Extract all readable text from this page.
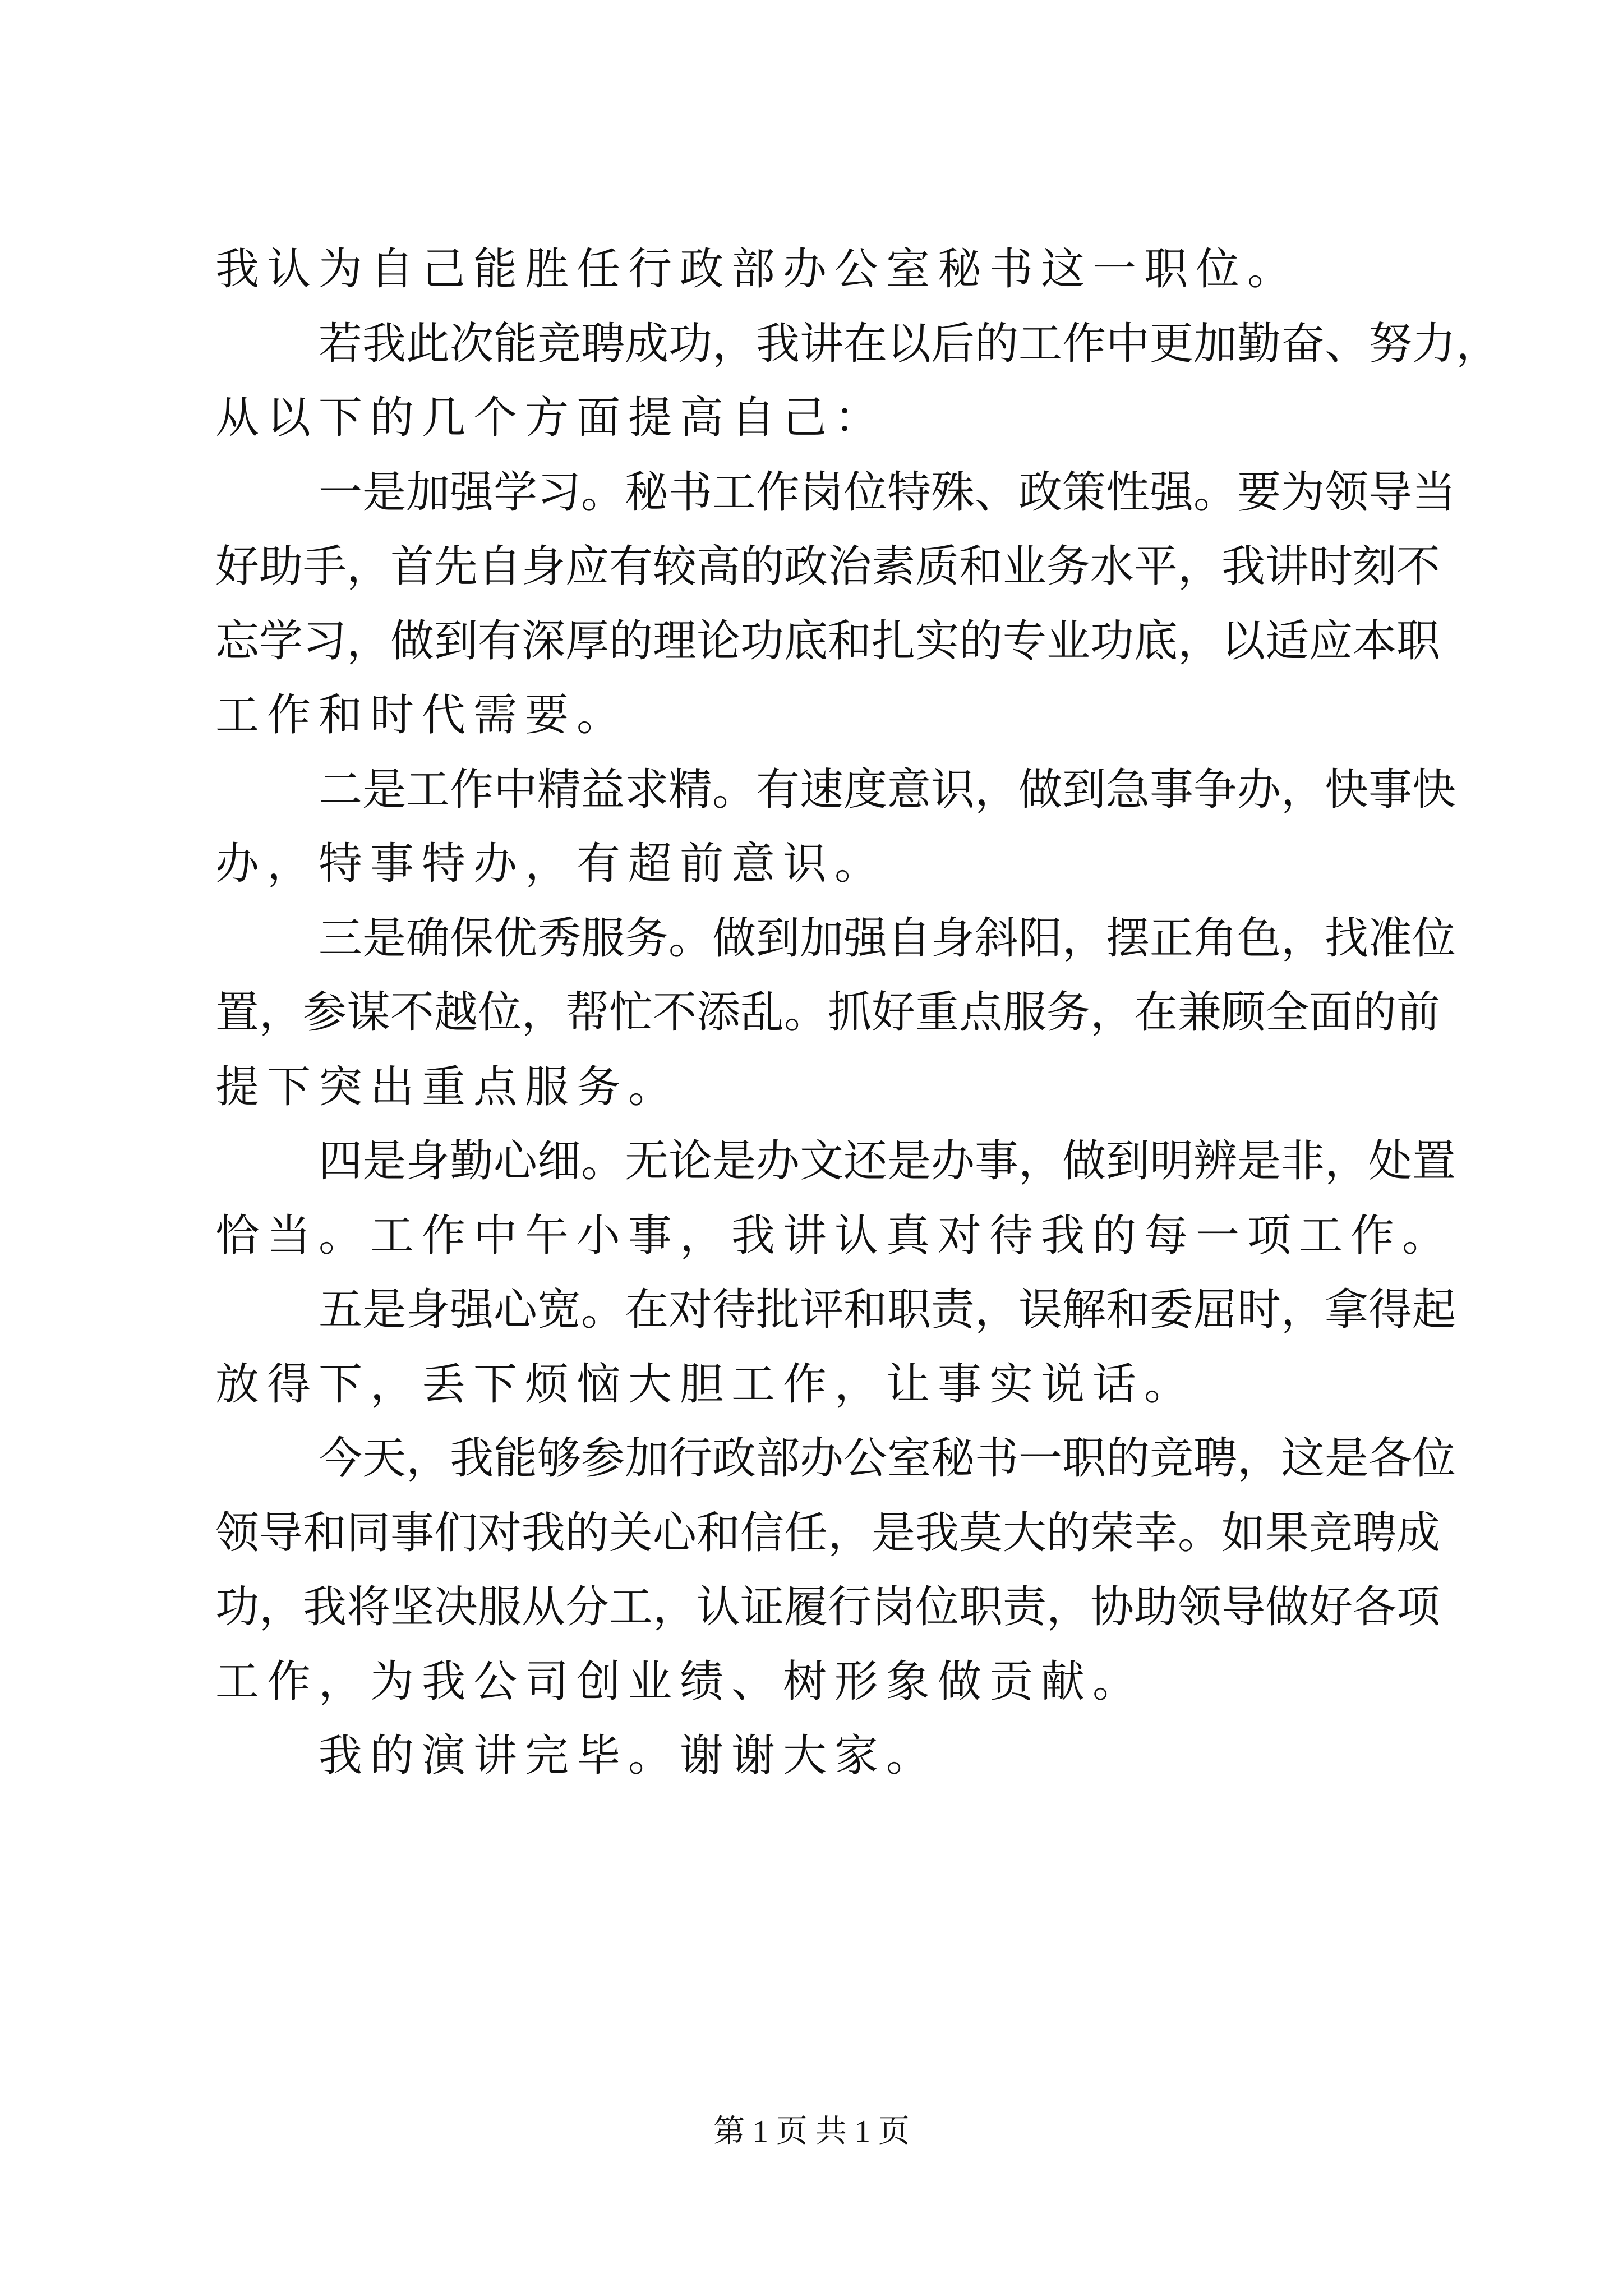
我认为自己能胜任行政部办公室秘书这一职位。
若我此次能竞聘成功，我讲在以后的工作中更加勤奋、努力，
从以下的几个方面提高自己：
一是加强学习。秘书工作岗位特殊、政策性强。要为领导当
好助手，首先自身应有较高的政治素质和业务水平，我讲时刻不
忘学习，做到有深厚的理论功底和扎实的专业功底，以适应本职
工作和时代需要。
二是工作中精益求精。有速度意识，做到急事争办，快事快
办，特事特办，有超前意识。
三是确保优秀服务。做到加强自身斜阳，摆正角色，找准位
置，参谋不越位，帮忙不添乱。抓好重点服务，在兼顾全面的前
提下突出重点服务。
四是身勤心细。无论是办文还是办事，做到明辨是非，处置
恰当。工作中午小事，我讲认真对待我的每一项工作。
五是身强心宽。在对待批评和职责，误解和委屈时，拿得起
放得下，丢下烦恼大胆工作，让事实说话。
今天，我能够参加行政部办公室秘书一职的竞聘，这是各位
领导和同事们对我的关心和信任，是我莫大的荣幸。如果竞聘成
功，我将坚决服从分工，认证履行岗位职责，协助领导做好各项
工作，为我公司创业绩、树形象做贡献。
我的演讲完毕。谢谢大家。
第 1 页 共 1 页
